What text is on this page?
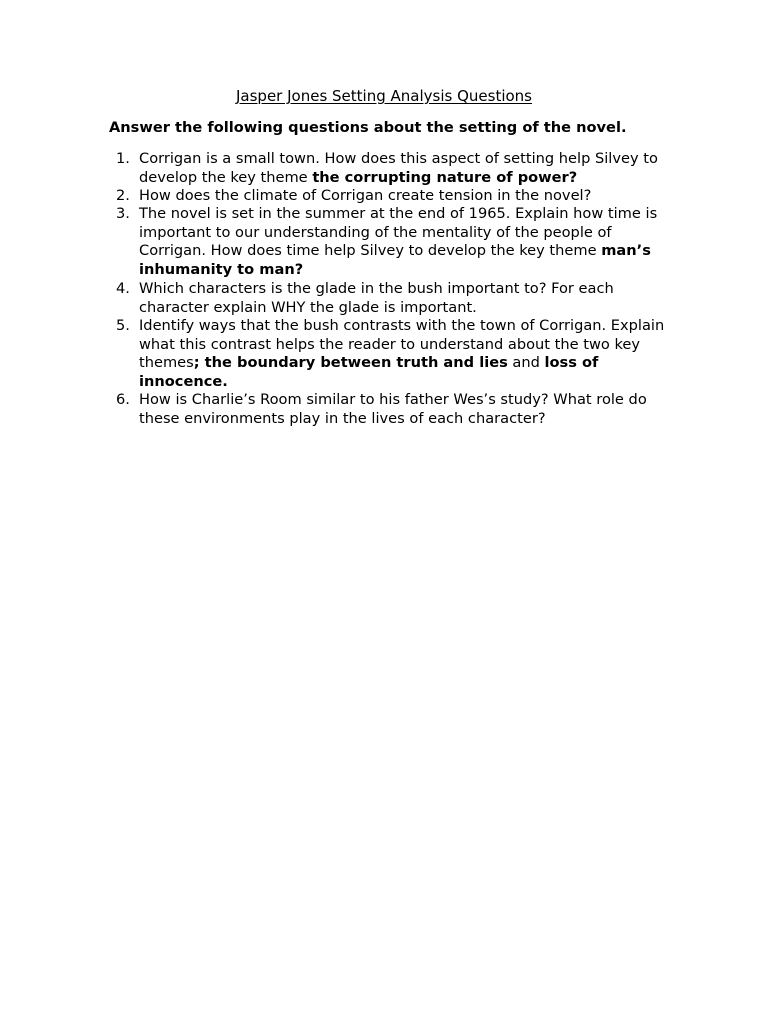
Jasper Jones Setting Analysis Questions

Answer the following questions about the setting of the novel.

1. Corrigan is a small town. How does this aspect of setting help Silvey to develop the key theme the corrupting nature of power?
2. How does the climate of Corrigan create tension in the novel?
3. The novel is set in the summer at the end of 1965. Explain how time is important to our understanding of the mentality of the people of Corrigan. How does time help Silvey to develop the key theme man’s inhumanity to man?
4. Which characters is the glade in the bush important to? For each character explain WHY the glade is important.
5. Identify ways that the bush contrasts with the town of Corrigan. Explain what this contrast helps the reader to understand about the two key themes; the boundary between truth and lies and loss of innocence.
6. How is Charlie’s Room similar to his father Wes’s study? What role do these environments play in the lives of each character?
